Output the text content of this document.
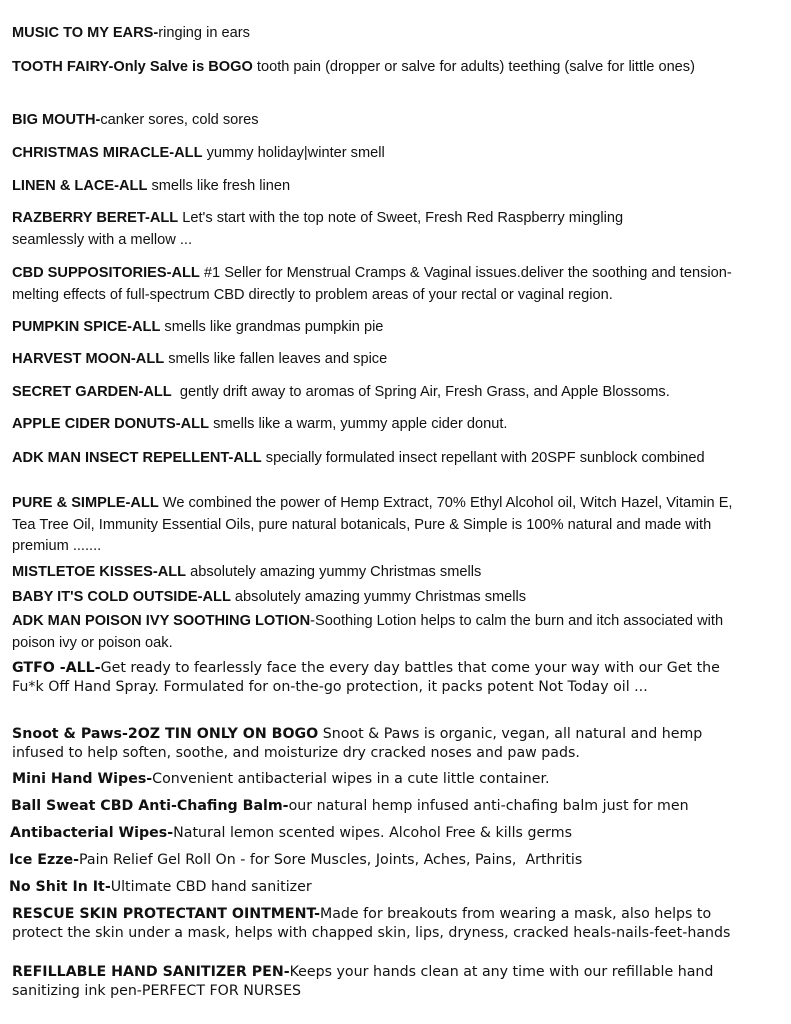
MUSIC TO MY EARS-ringing in ears

TOOTH FAIRY-Only Salve is BOGO tooth pain (dropper or salve for adults) teething (salve for little ones)

BIG MOUTH-canker sores, cold sores

CHRISTMAS MIRACLE-ALL yummy holiday|winter smell

LINEN & LACE-ALL smells like fresh linen

RAZBERRY BERET-ALL Let's start with the top note of Sweet, Fresh Red Raspberry mingling seamlessly with a mellow ...

CBD SUPPOSITORIES-ALL #1 Seller for Menstrual Cramps & Vaginal issues.deliver the soothing and tension-melting effects of full-spectrum CBD directly to problem areas of your rectal or vaginal region.

PUMPKIN SPICE-ALL smells like grandmas pumpkin pie

HARVEST MOON-ALL smells like fallen leaves and spice

SECRET GARDEN-ALL  gently drift away to aromas of Spring Air, Fresh Grass, and Apple Blossoms.

APPLE CIDER DONUTS-ALL smells like a warm, yummy apple cider donut.

ADK MAN INSECT REPELLENT-ALL specially formulated insect repellant with 20SPF sunblock combined

PURE & SIMPLE-ALL We combined the power of Hemp Extract, 70% Ethyl Alcohol oil, Witch Hazel, Vitamin E, Tea Tree Oil, Immunity Essential Oils, pure natural botanicals, Pure & Simple is 100% natural and made with premium .......

MISTLETOE KISSES-ALL absolutely amazing yummy Christmas smells

BABY IT'S COLD OUTSIDE-ALL absolutely amazing yummy Christmas smells

ADK MAN POISON IVY SOOTHING LOTION-Soothing Lotion helps to calm the burn and itch associated with poison ivy or poison oak.

GTFO -ALL-Get ready to fearlessly face the every day battles that come your way with our Get the Fu*k Off Hand Spray. Formulated for on-the-go protection, it packs potent Not Today oil ...

Snoot & Paws-2OZ TIN ONLY ON BOGO Snoot & Paws is organic, vegan, all natural and hemp infused to help soften, soothe, and moisturize dry cracked noses and paw pads.

Mini Hand Wipes-Convenient antibacterial wipes in a cute little container.

Ball Sweat CBD Anti-Chafing Balm-our natural hemp infused anti-chafing balm just for men

Antibacterial Wipes-Natural lemon scented wipes. Alcohol Free & kills germs

Ice Ezze-Pain Relief Gel Roll On - for Sore Muscles, Joints, Aches, Pains,  Arthritis

No Shit In It-Ultimate CBD hand sanitizer

RESCUE SKIN PROTECTANT OINTMENT-Made for breakouts from wearing a mask, also helps to protect the skin under a mask, helps with chapped skin, lips, dryness, cracked heals-nails-feet-hands

REFILLABLE HAND SANITIZER PEN-Keeps your hands clean at any time with our refillable hand sanitizing ink pen-PERFECT FOR NURSES
